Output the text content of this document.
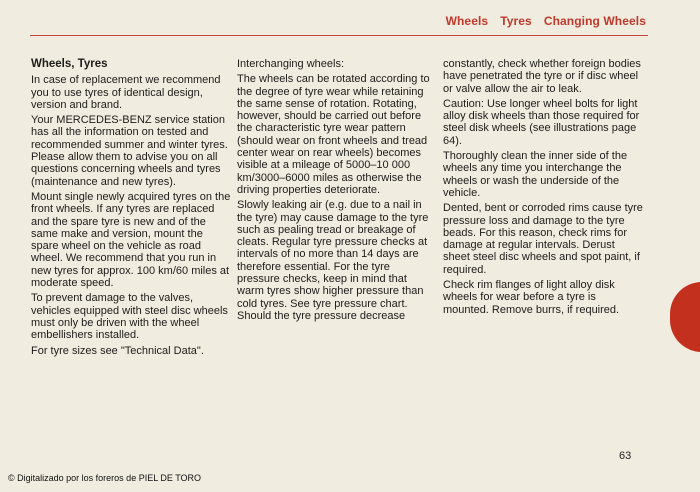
Wheels Tyres Changing Wheels

Wheels, Tyres

In case of replacement we recommend you to use tyres of identical design, version and brand.

Your MERCEDES-BENZ service station has all the information on tested and recommended summer and winter tyres. Please allow them to advise you on all questions concerning wheels and tyres (maintenance and new tyres).

Mount single newly acquired tyres on the front wheels. If any tyres are replaced and the spare tyre is new and of the same make and version, mount the spare wheel on the vehicle as road wheel. We recommend that you run in new tyres for approx. 100 km/60 miles at moderate speed.

To prevent damage to the valves, vehicles equipped with steel disc wheels must only be driven with the wheel embellishers installed.

For tyre sizes see "Technical Data".

Interchanging wheels:

The wheels can be rotated according to the degree of tyre wear while retaining the same sense of rotation. Rotating, however, should be carried out before the characteristic tyre wear pattern (should wear on front wheels and tread center wear on rear wheels) becomes visible at a mileage of 5000–10 000 km/3000–6000 miles as otherwise the driving properties deteriorate.

Slowly leaking air (e.g. due to a nail in the tyre) may cause damage to the tyre such as pealing tread or breakage of cleats. Regular tyre pressure checks at intervals of no more than 14 days are therefore essential. For the tyre pressure checks, keep in mind that warm tyres show higher pressure than cold tyres. See tyre pressure chart. Should the tyre pressure decrease

constantly, check whether foreign bodies have penetrated the tyre or if disc wheel or valve allow the air to leak.

Caution: Use longer wheel bolts for light alloy disk wheels than those required for steel disk wheels (see illustrations page 64).

Thoroughly clean the inner side of the wheels any time you interchange the wheels or wash the underside of the vehicle.

Dented, bent or corroded rims cause tyre pressure loss and damage to the tyre beads. For this reason, check rims for damage at regular intervals. Derust sheet steel disc wheels and spot paint, if required.

Check rim flanges of light alloy disk wheels for wear before a tyre is mounted. Remove burrs, if required.

63
© Digitalizado por los foreros de PIEL DE TORO
